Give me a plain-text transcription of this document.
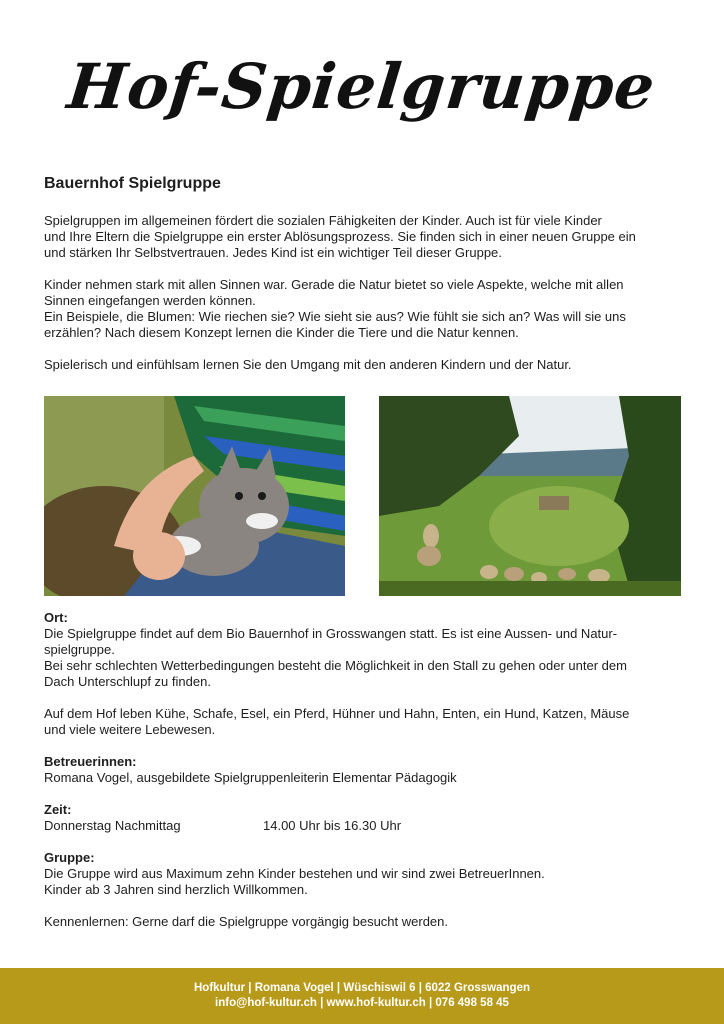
Hof-Spielgruppe
Bauernhof Spielgruppe

Spielgruppen im allgemeinen fördert die sozialen Fähigkeiten der Kinder. Auch ist für viele Kinder

und Ihre Eltern die Spielgruppe ein erster Ablösungsprozess. Sie finden sich in einer neuen Gruppe ein

und stärken Ihr Selbstvertrauen. Jedes Kind ist ein wichtiger Teil dieser Gruppe.

Kinder nehmen stark mit allen Sinnen war. Gerade die Natur bietet so viele Aspekte, welche mit allen

Sinnen eingefangen werden können.

Ein Beispiele, die Blumen: Wie riechen sie? Wie sieht sie aus? Wie fühlt sie sich an? Was will sie uns

erzählen? Nach diesem Konzept lernen die Kinder die Tiere und die Natur kennen.

Spielerisch und einfühlsam lernen Sie den Umgang mit den anderen Kindern und der Natur.

Ort:

Die Spielgruppe findet auf dem Bio Bauernhof in Grosswangen statt. Es ist eine Aussen- und Natur-

spielgruppe.

Bei sehr schlechten Wetterbedingungen besteht die Möglichkeit in den Stall zu gehen oder unter dem

Dach Unterschlupf zu finden.

Auf dem Hof leben Kühe, Schafe, Esel, ein Pferd, Hühner und Hahn, Enten, ein Hund, Katzen, Mäuse

und viele weitere Lebewesen.

Betreuerinnen:

Romana Vogel, ausgebildete Spielgruppenleiterin Elementar Pädagogik

Zeit:
Donnerstag Nachmittag	14.00 Uhr bis 16.30 Uhr
Gruppe:

Die Gruppe wird aus Maximum zehn Kinder bestehen und wir sind zwei BetreuerInnen.

Kinder ab 3 Jahren sind herzlich Willkommen.

Kennenlernen: Gerne darf die Spielgruppe vorgängig besucht werden.

Hofkultur | Romana Vogel | Wüschiswil 6 | 6022 Grosswangen
info@hof-kultur.ch | www.hof-kultur.ch | 076 498 58 45
